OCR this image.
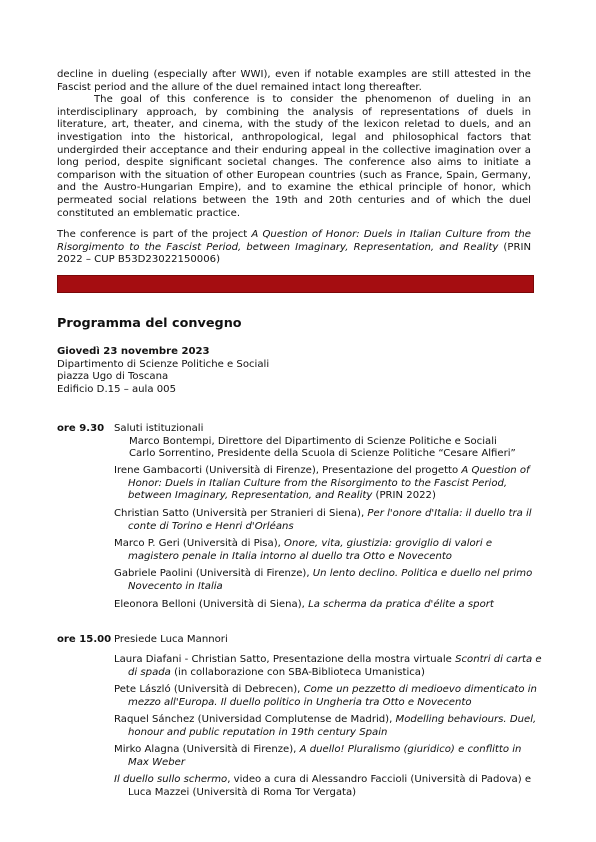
decline in dueling (especially after WWI), even if notable examples are still attested in the Fascist period and the allure of the duel remained intact long thereafter.

The goal of this conference is to consider the phenomenon of dueling in an interdisciplinary approach, by combining the analysis of representations of duels in literature, art, theater, and cinema, with the study of the lexicon reletad to duels, and an investigation into the historical, anthropological, legal and philosophical factors that undergirded their acceptance and their enduring appeal in the collective imagination over a long period, despite significant societal changes. The conference also aims to initiate a comparison with the situation of other European countries (such as France, Spain, Germany, and the Austro-Hungarian Empire), and to examine the ethical principle of honor, which permeated social relations between the 19th and 20th centuries and of which the duel constituted an emblematic practice.

The conference is part of the project A Question of Honor: Duels in Italian Culture from the Risorgimento to the Fascist Period, between Imaginary, Representation, and Reality (PRIN 2022 – CUP B53D23022150006)

Programma del convegno
Giovedì 23 novembre 2023
Dipartimento di Scienze Politiche e Sociali
piazza Ugo di Toscana
Edificio D.15 – aula 005
ore 9.30 Saluti istituzionali
Marco Bontempi, Direttore del Dipartimento di Scienze Politiche e Sociali
Carlo Sorrentino, Presidente della Scuola di Scienze Politiche “Cesare Alfieri”
Irene Gambacorti (Università di Firenze), Presentazione del progetto A Question of Honor: Duels in Italian Culture from the Risorgimento to the Fascist Period, between Imaginary, Representation, and Reality (PRIN 2022)
Christian Satto (Università per Stranieri di Siena), Per l'onore d'Italia: il duello tra il conte di Torino e Henri d'Orléans
Marco P. Geri (Università di Pisa), Onore, vita, giustizia: groviglio di valori e magistero penale in Italia intorno al duello tra Otto e Novecento
Gabriele Paolini (Università di Firenze), Un lento declino. Politica e duello nel primo Novecento in Italia
Eleonora Belloni (Università di Siena), La scherma da pratica d'élite a sport
ore 15.00 Presiede Luca Mannori
Laura Diafani - Christian Satto, Presentazione della mostra virtuale Scontri di carta e di spada (in collaborazione con SBA-Biblioteca Umanistica)
Pete László (Università di Debrecen), Come un pezzetto di medioevo dimenticato in mezzo all'Europa. Il duello politico in Ungheria tra Otto e Novecento
Raquel Sánchez (Universidad Complutense de Madrid), Modelling behaviours. Duel, honour and public reputation in 19th century Spain
Mirko Alagna (Università di Firenze), A duello! Pluralismo (giuridico) e conflitto in Max Weber
Il duello sullo schermo, video a cura di Alessandro Faccioli (Università di Padova) e Luca Mazzei (Università di Roma Tor Vergata)
